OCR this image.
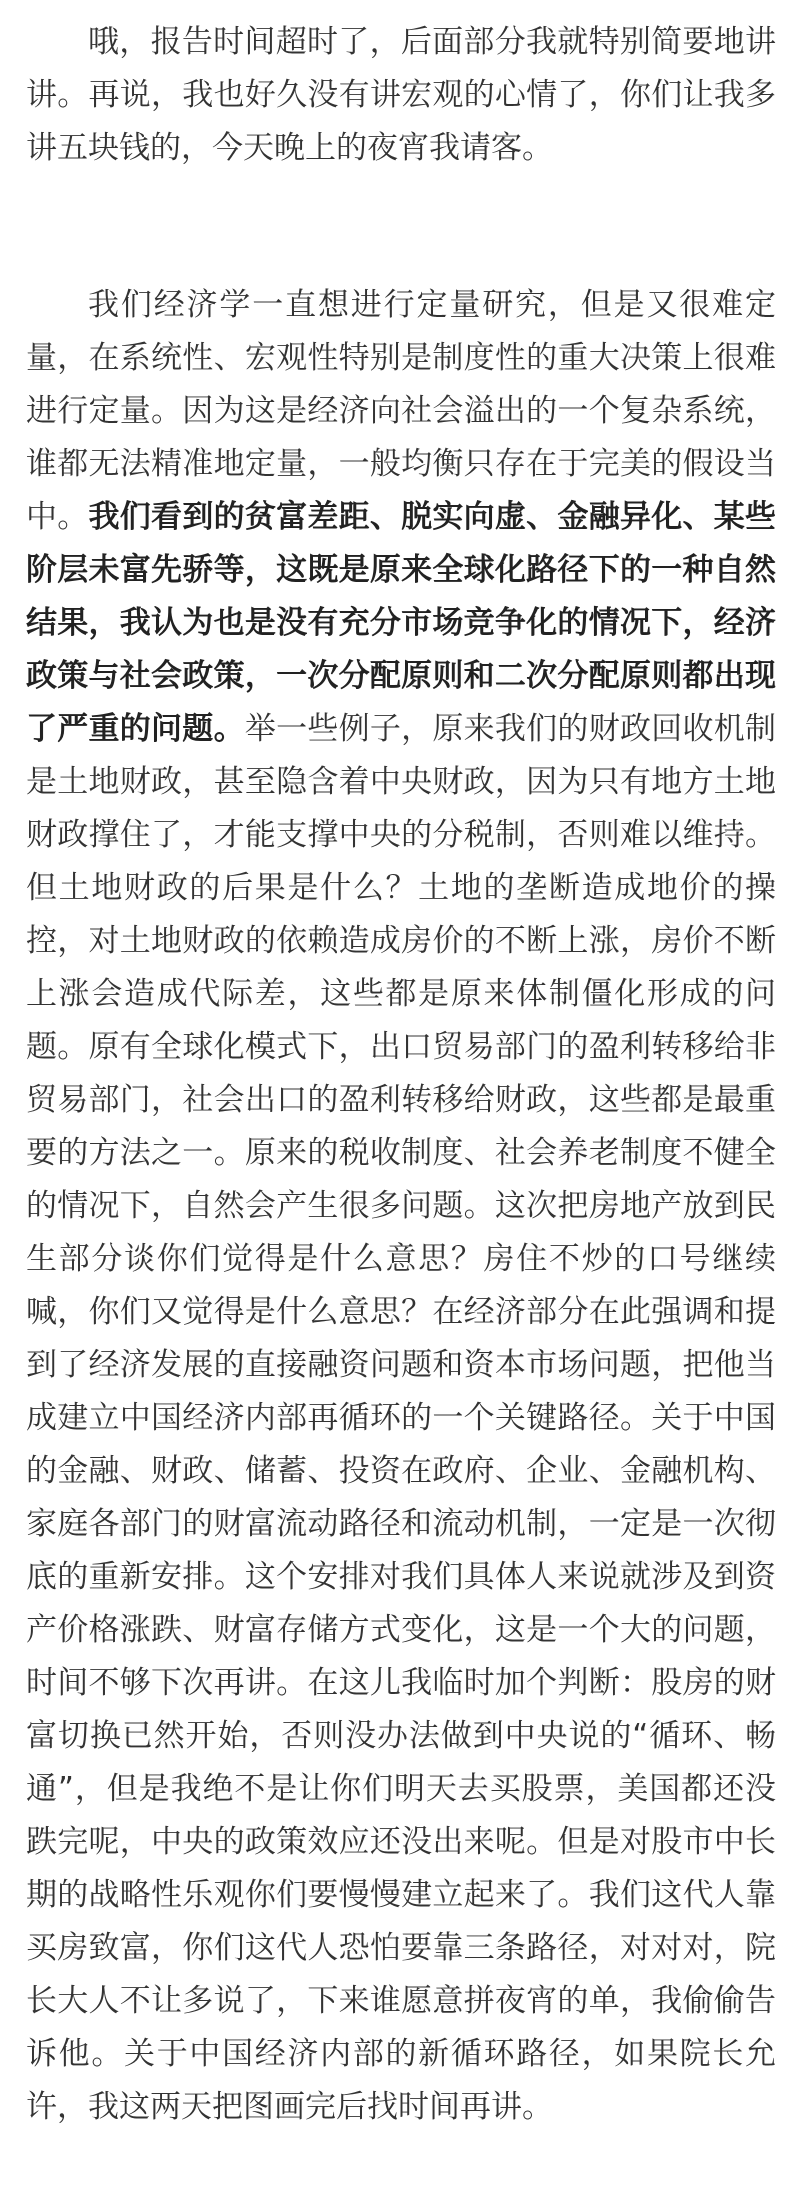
哦，报告时间超时了，后面部分我就特别简要地讲讲。再说，我也好久没有讲宏观的心情了，你们让我多讲五块钱的，今天晚上的夜宵我请客。

我们经济学一直想进行定量研究，但是又很难定量，在系统性、宏观性特别是制度性的重大决策上很难进行定量。因为这是经济向社会溢出的一个复杂系统，谁都无法精准地定量，一般均衡只存在于完美的假设当中。我们看到的贫富差距、脱实向虚、金融异化、某些阶层未富先骄等，这既是原来全球化路径下的一种自然结果，我认为也是没有充分市场竞争化的情况下，经济政策与社会政策，一次分配原则和二次分配原则都出现了严重的问题。举一些例子，原来我们的财政回收机制是土地财政，甚至隐含着中央财政，因为只有地方土地财政撑住了，才能支撑中央的分税制，否则难以维持。但土地财政的后果是什么？土地的垄断造成地价的操控，对土地财政的依赖造成房价的不断上涨，房价不断上涨会造成代际差，这些都是原来体制僵化形成的问题。原有全球化模式下，出口贸易部门的盈利转移给非贸易部门，社会出口的盈利转移给财政，这些都是最重要的方法之一。原来的税收制度、社会养老制度不健全的情况下，自然会产生很多问题。这次把房地产放到民生部分谈你们觉得是什么意思？房住不炒的口号继续喊，你们又觉得是什么意思？在经济部分在此强调和提到了经济发展的直接融资问题和资本市场问题，把他当成建立中国经济内部再循环的一个关键路径。关于中国的金融、财政、储蓄、投资在政府、企业、金融机构、家庭各部门的财富流动路径和流动机制，一定是一次彻底的重新安排。这个安排对我们具体人来说就涉及到资产价格涨跌、财富存储方式变化，这是一个大的问题，时间不够下次再讲。在这儿我临时加个判断：股房的财富切换已然开始，否则没办法做到中央说的“循环、畅通”，但是我绝不是让你们明天去买股票，美国都还没跌完呢，中央的政策效应还没出来呢。但是对股市中长期的战略性乐观你们要慢慢建立起来了。我们这代人靠买房致富，你们这代人恐怕要靠三条路径，对对对，院长大人不让多说了，下来谁愿意拼夜宵的单，我偷偷告诉他。关于中国经济内部的新循环路径，如果院长允许，我这两天把图画完后找时间再讲。
